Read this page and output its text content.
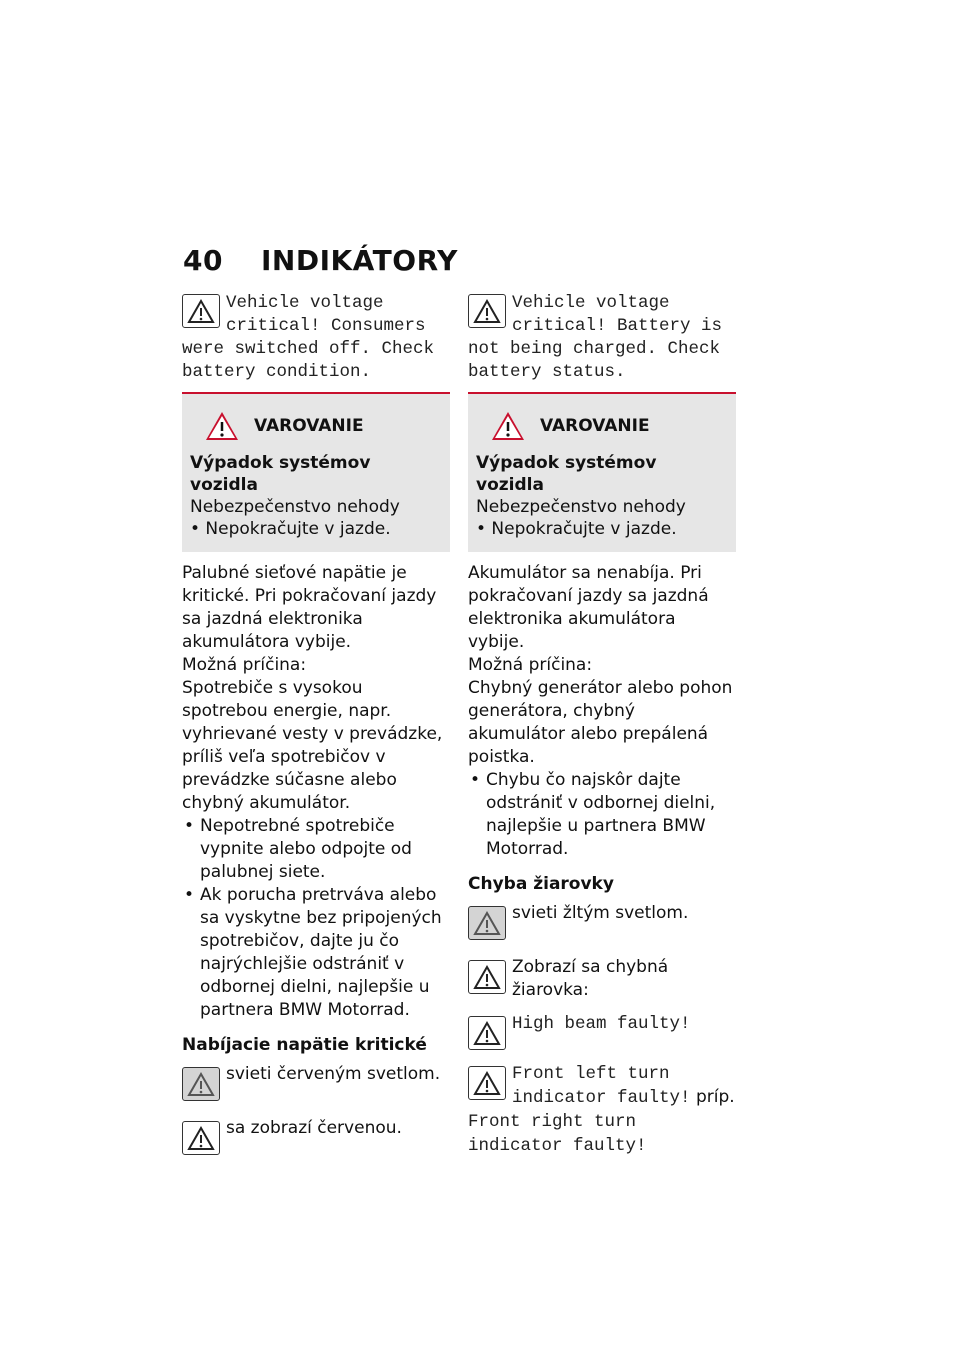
40 INDIKÁTORY
Vehicle voltage critical! Consumers were switched off. Check battery condition.
VAROVANIE
Výpadok systémov vozidla
Nebezpečenstvo nehody
• Nepokračujte v jazde.

Palubné sieťové napätie je kritické. Pri pokračovaní jazdy sa jazdná elektronika akumulátora vybije.

Možná príčina:

Spotrebiče s vysokou spotrebou energie, napr. vyhrievané vesty v prevádzke, príliš veľa spotrebičov v prevádzke súčasne alebo chybný akumulátor.

• Nepotrebné spotrebiče vypnite alebo odpojte od palubnej siete.
• Ak porucha pretrváva alebo sa vyskytne bez pripojených spotrebičov, dajte ju čo najrýchlejšie odstrániť v odbornej dielni, najlepšie u partnera BMW Motorrad.
Nabíjacie napätie kritické
svieti červeným svetlom.
sa zobrazí červenou.
Vehicle voltage critical! Battery is not being charged. Check battery status.
VAROVANIE
Výpadok systémov vozidla
Nebezpečenstvo nehody
• Nepokračujte v jazde.

Akumulátor sa nenabíja. Pri pokračovaní jazdy sa jazdná elektronika akumulátora vybije.

Možná príčina:

Chybný generátor alebo pohon generátora, chybný akumulátor alebo prepálená poistka.

• Chybu čo najskôr dajte odstrániť v odbornej dielni, najlepšie u partnera BMW Motorrad.
Chyba žiarovky
svieti žltým svetlom.
Zobrazí sa chybná žiarovka:
High beam faulty!
Front left turn indicator faulty! príp. Front right turn indicator faulty!
